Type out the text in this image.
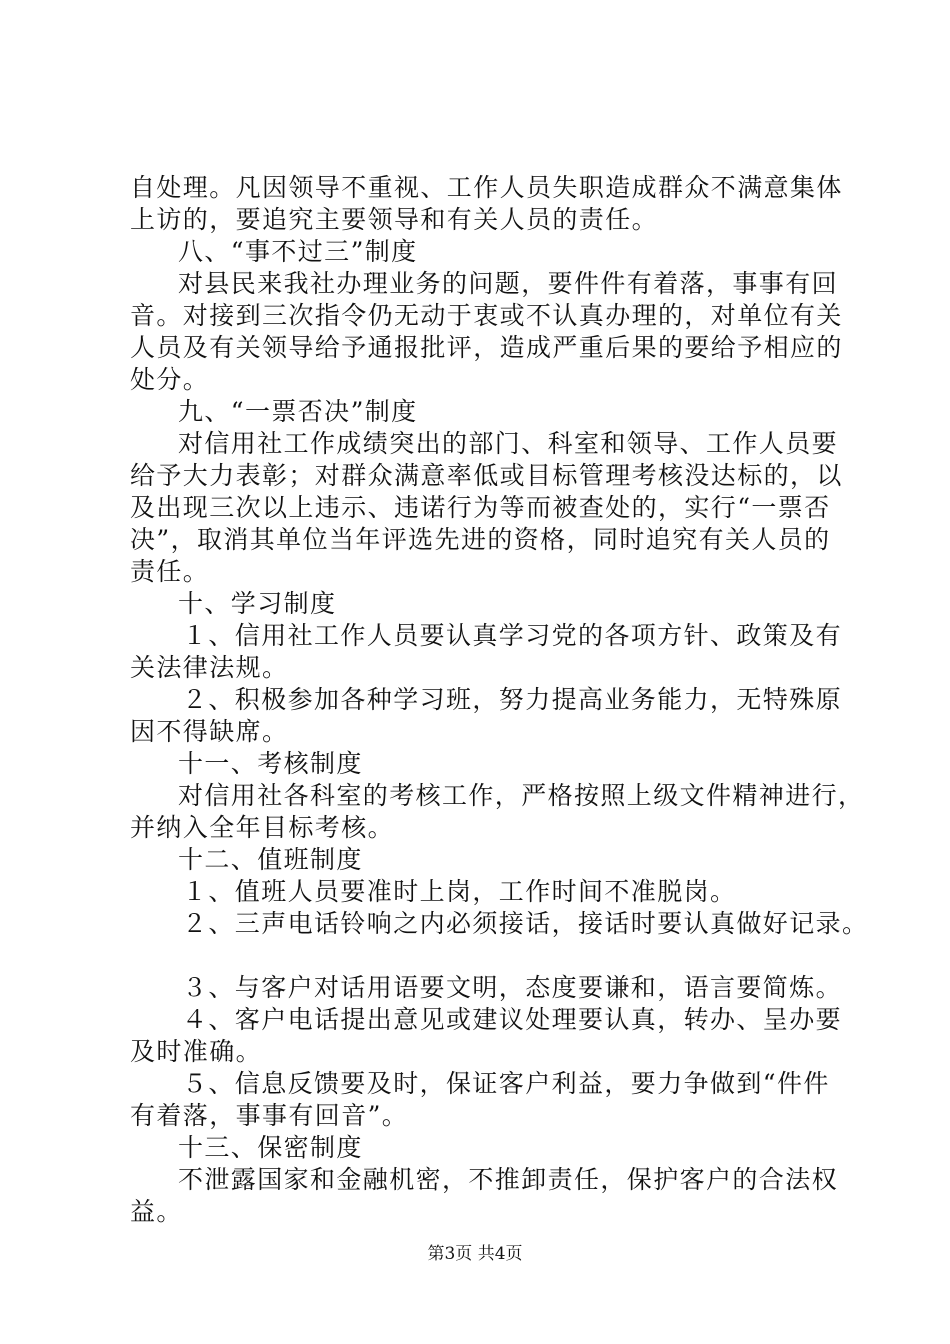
自处理。凡因领导不重视、工作人员失职造成群众不满意集体
上访的，要追究主要领导和有关人员的责任。
八、“事不过三”制度
对县民来我社办理业务的问题，要件件有着落，事事有回
音。对接到三次指令仍无动于衷或不认真办理的，对单位有关
人员及有关领导给予通报批评，造成严重后果的要给予相应的
处分。
九、“一票否决”制度
对信用社工作成绩突出的部门、科室和领导、工作人员要
给予大力表彰；对群众满意率低或目标管理考核没达标的，以
及出现三次以上违示、违诺行为等而被查处的，实行“一票否
决”，取消其单位当年评选先进的资格，同时追究有关人员的
责任。
十、学习制度
１、信用社工作人员要认真学习党的各项方针、政策及有
关法律法规。
２、积极参加各种学习班，努力提高业务能力，无特殊原
因不得缺席。
十一、考核制度
对信用社各科室的考核工作，严格按照上级文件精神进行，
并纳入全年目标考核。
十二、值班制度
１、值班人员要准时上岗，工作时间不准脱岗。
２、三声电话铃响之内必须接话，接话时要认真做好记录。
３、与客户对话用语要文明，态度要谦和，语言要简炼。
４、客户电话提出意见或建议处理要认真，转办、呈办要
及时准确。
５、信息反馈要及时，保证客户利益，要力争做到“件件
有着落，事事有回音”。
十三、保密制度
不泄露国家和金融机密，不推卸责任，保护客户的合法权
益。
第3页 共4页
